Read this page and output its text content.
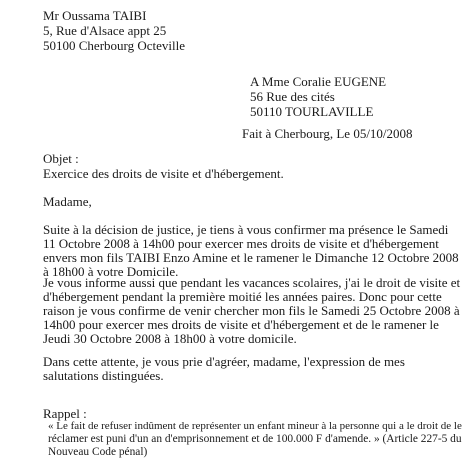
Mr Oussama TAIBI
5, Rue d'Alsace appt 25
50100 Cherbourg Octeville
A Mme Coralie EUGENE
56 Rue des cités
50110 TOURLAVILLE
Fait à Cherbourg, Le 05/10/2008
Objet :
Exercice des droits de visite et d'hébergement.
Madame,
Suite à la décision de justice, je tiens à vous confirmer ma présence le Samedi
11 Octobre 2008 à 14h00 pour exercer mes droits de visite et d'hébergement
envers mon fils TAIBI Enzo Amine et le ramener le Dimanche 12 Octobre 2008
à 18h00 à votre Domicile.
Je vous informe aussi que pendant les vacances scolaires, j'ai le droit de visite et
d'hébergement pendant la première moitié les années paires. Donc pour cette
raison je vous confirme de venir chercher mon fils le Samedi 25 Octobre 2008 à
14h00 pour exercer mes droits de visite et d'hébergement et de le ramener le
Jeudi 30 Octobre 2008 à 18h00 à votre domicile.
Dans cette attente, je vous prie d'agréer, madame, l'expression de mes
salutations distinguées.
Rappel :
« Le fait de refuser indûment de représenter un enfant mineur à la personne qui a le droit de le
réclamer est puni d'un an d'emprisonnement et de 100.000 F d'amende. » (Article 227-5 du
Nouveau Code pénal)
